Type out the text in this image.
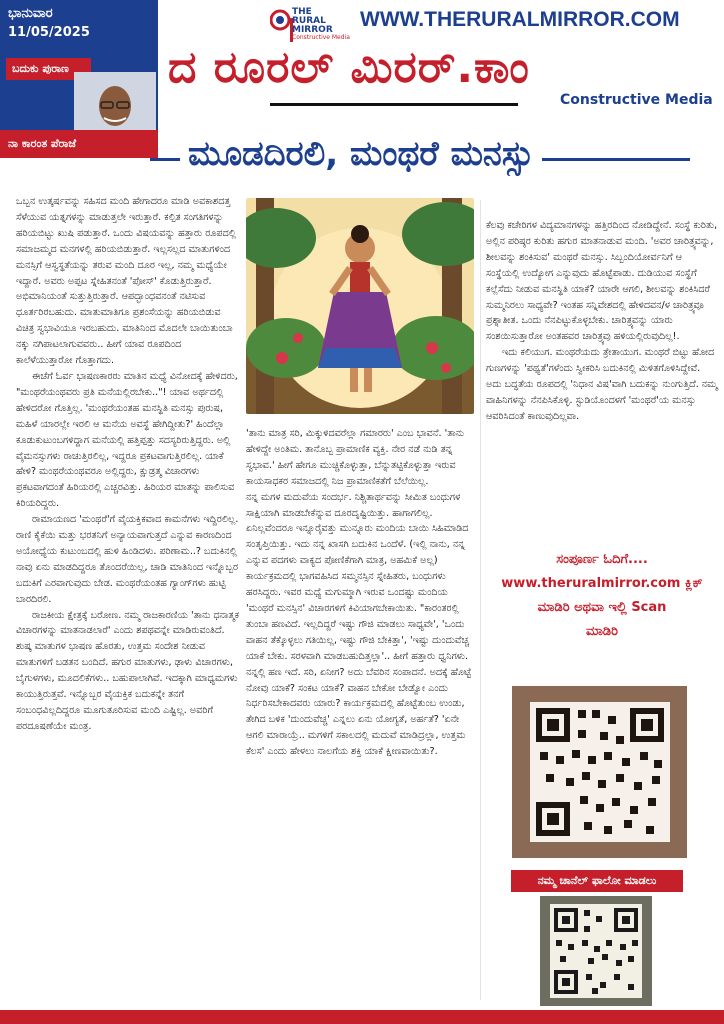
ಭಾನುವಾರ
11/05/2025
ಬದುಕು ಪುರಾಣ
ನಾ ಕಾರಂತ ಪೆರಾಜೆ
THE
RURAL
MIRROR
Constructive Media
WWW.THERURALMIRROR.COM
ದ ರೂರಲ್ ಮಿರರ್.ಕಾಂ
Constructive Media
ಮೂಡದಿರಲಿ, ಮಂಥರೆ ಮನಸ್ಸು

ಒಬ್ಬನ ಉತ್ಕರ್ಷವನ್ನು ಸಹಿಸದ ಮಂದಿ ಹೇಗಾದರೂ ಮಾಡಿ ಅವಕಾಶದತ್ತ ಸೆಳೆಯುವ ಯತ್ನಗಳನ್ನು ಮಾಡುತ್ತಲೇ ಇರುತ್ತಾರೆ. ಕಲ್ಪಿತ ಸಂಗತಿಗಳನ್ನು ಹರಿಯಬಿಟ್ಟು ಖುಷಿ ಪಡುತ್ತಾರೆ. ಒಂದು ವಿಷಯವನ್ನು ಹತ್ತಾರು ರೂಪದಲ್ಲಿ ಸಮಾಜಮ್ಮದ ಮನಗಳಲ್ಲಿ ಹರಿಯಬಿಡುತ್ತಾರೆ. ಇಲ್ಲಸಲ್ಲದ ಮಾತುಗಳಿಂದ ಮನಸ್ಸಿಗೆ ಆಸ್ವಸ್ಥತೆಯನ್ನು ತರುವ ಮಂದಿ ದೂರ ಇಲ್ಲ, ನಮ್ಮ ಮಧ್ಯೆಯೇ ಇದ್ದಾರೆ. ಅವರು ಅಪ್ಪಟ ಸ್ನೇಹಿತನಂತೆ 'ಪೋಸ್' ಕೊಡುತ್ತಿರುತ್ತಾರೆ. ಅಭಿಮಾನಿಯಂತೆ ಸುತ್ತುತ್ತಿರುತ್ತಾರೆ. ಆಪದ್ಭಾಂಧವನಂತೆ ನಟಿಸುವ ಧೂರ್ತರಿರಬಹುದು. ಮಾತುಮಾತಿಗೂ ಪ್ರಶಂಸೆಯನ್ನು ಹರಿಯಬಿಡುವ ವಿಚಿತ್ರ ಸ್ವಭಾವಿಯೂ ಇರಬಹುದು. ಮಾತಿನಿಂದ ಮೊದಲೇ ಬಾಯಿತುಂಬಾ ನಕ್ಕು ನಗಿಪಾಟಲಾಗುವವರು.. ಹೀಗೆ ಯಾವ ರೂಪದಿಂದ ಕಾಲೆಳೆಯುತ್ತಾರೋ ಗೊತ್ತಾಗದು.

ಈಚೆಗೆ ಓರ್ವ ಭಾಷಣಕಾರರು ಮಾತಿನ ಮಧ್ಯೆ ವಿನೋದಕ್ಕೆ ಹೇಳಿದರು, "ಮಂಥರೆಯಂಥವರು ಪ್ರತಿ ಮನೆಯಲ್ಲಿರಬೇಕು.."! ಯಾವ ಅರ್ಥದಲ್ಲಿ ಹೇಳಿದರೋ ಗೊತ್ತಿಲ್ಲ. 'ಮಂಥರೆಯಂತಹ ಮನಸ್ಥಿತಿ ಮನಸ್ಸು ಪುರುಷ, ಮಹಿಳೆ ಯಾರಲ್ಲೇ ಇರಲಿ ಆ ಮನೆಯ ಅವಸ್ಥೆ ಹೇಗಿದ್ದೀತು?' ಹಿಂದೆಲ್ಲಾ ಕೂಡುಕುಟುಂಬಗಳಿದ್ದಾಗ ಮನೆಯಲ್ಲಿ ಹತ್ತಿಪ್ಪತ್ತು ಸದಸ್ಯರಿರುತ್ತಿದ್ದರು. ಅಲ್ಲಿ ವೈಮನಸ್ಸುಗಳು ರಾಚುತ್ತಿರಲಿಲ್ಲ, ಇದ್ದರೂ ಪ್ರಕಟವಾಗುತ್ತಿರಲಿಲ್ಲ. ಯಾಕೆ ಹೇಳಿ? ಮಂಥರೆಯಂಥವರೂ ಅಲ್ಲಿದ್ದರು, ಕ್ಷುಡ್ರತ್ಮ ವಿಚಾರಗಳು ಪ್ರಕಟವಾಗದಂತೆ ಹಿರಿಯರಲ್ಲಿ ಎಚ್ಚರವಿತ್ತು. ಹಿರಿಯರ ಮಾತನ್ನು ಪಾಲಿಸುವ ಕಿರಿಯರಿದ್ದರು.

ರಾಮಾಯಣದ 'ಮಂಥರೆ'ಗೆ ವೈಯಕ್ತಿಕವಾದ ಕಾಮನೆಗಳು ಇದ್ದಿರಲಿಲ್ಲ. ರಾಣಿ ಕೈಕೆಯಿ ಮತ್ತು ಭರತನಿಗೆ ಅನ್ಯಾಯವಾಗುತ್ತದೆ ಎನ್ನುವ ಕಾರಣದಿಂದ ಅಯೋಧ್ಯೆಯ ಕುಟುಂಬದಲ್ಲಿ ಹುಳಿ ಹಿಂಡಿದಳು. ಪರಿಣಾಮ..? ಬದುಕಿನಲ್ಲಿ ನಾವು ಏನು ಮಾಡದಿದ್ದರೂ ತೊಂದರೆಯಿಲ್ಲ, ಚಾಡಿ ಮಾತಿನಿಂದ ಇನ್ನೊಬ್ಬರ ಬದುಕಿಗೆ ಎರವಾಗುವುದು ಬೇಡ. ಮಂಥರೆಯಂತಹ ಗ್ಯಾಂಗ್‌ಗಳು ಹುಟ್ಟಿ ಬಾರದಿರಲಿ.

ರಾಜಕೀಯ ಕ್ಷೇತ್ರಕ್ಕೆ ಬರೋಣ. ನಮ್ಮ ರಾಜಕಾರಣಿಯ 'ತಾನು ಧನಾತ್ಮಕ ವಿಚಾರಗಳನ್ನು ಮಾತನಾಡಲಾರೆ' ಎಂದು ಶಪಥವನ್ನೇ ಮಾಡಿರುವಂತಿದೆ. ಶುಷ್ಕ ಮಾತುಗಳ ಭಾಷಣ ಹೊರತು, ಉತ್ತಮ ಸಂದೇಶ ನೀಡುವ ಮಾತುಗಳಿಗೆ ಬಡತನ ಬಂದಿದೆ. ಹಗುರ ಮಾತುಗಳು, ಢಾಳು ವಿಚಾರಗಳು, ಬೈಗುಳಗಳು, ಮೂದಲಿಕೆಗಳು.. ಬಹುಪಾಲಾಗಿವೆ. ಇದಕ್ಕಾಗಿ ಮಾಧ್ಯಮಗಳು ಕಾಯುತ್ತಿರುತ್ತವೆ. ಇನ್ನೊಬ್ಬರ ವೈಯಕ್ತಿಕ ಬದುಕನ್ನೇ ತನಗೆ ಸಂಬಂಧವಿಲ್ಲದಿದ್ದರೂ ಮೂಗುತೂರಿಸುವ ಮಂದಿ ಎಷ್ಟಿಲ್ಲ. ಅವರಿಗೆ ಪರದೂಷಣೆಯೇ ಮಂತ್ರ.

'ತಾನು ಮಾತ್ರ ಸರಿ, ಮಿಕ್ಕುಳಿದವರೆಲ್ಲಾ ಗಮಾರರು' ಎಂಬ ಭಾವನೆ. 'ತಾನು ಹೇಳಿದ್ದೇ ಅಂತಿಮ. ತಾನೊಬ್ಬ ಪ್ರಾಮಾಣಿಕ ವ್ಯಕ್ತಿ. ನೇರ ನಡೆ ನುಡಿ ತನ್ನ ಸ್ವಭಾವ.' ಹೀಗೆ ಹೇಗೂ ಮುಚ್ಚಿಕೊಳ್ಳುತ್ತಾ, ಬೆನ್ನುತಟ್ಟಿಕೊಳ್ಳುತ್ತಾ ಇರುವ ಕಾಯಸಾಧಕರ ಸಮಾಜದಲ್ಲಿ ನಿಜ ಪ್ರಾಮಾಣಿಕತೆಗೆ ಬೆಲೆಯಿಲ್ಲ.

ನನ್ನ ಮಗಳ ಮದುವೆಯ ಸಂದರ್ಭ. ನಿಶ್ಚಿತಾರ್ಥವನ್ನು ಸೀಮಿತ ಬಂಧುಗಳ ಸಾಕ್ಷಿಯಾಗಿ ಮಾಡಬೇಕೆನ್ನುವ ದೂರದೃಷ್ಟಿಯಿತ್ತು. ಹಾಗಾಗಲಿಲ್ಲ. ಏನಿಲ್ಲವೆಂದರೂ ಇನ್ನೂರೈವತ್ತು ಮುನ್ನೂರು ಮಂದಿಯ ಬಾಯಿ ಸಿಹಿಮಾಡಿದ ಸಂತೃಪ್ತಿಯಿತ್ತು. ಇದು ನನ್ನ ಖಾಸಗಿ ಬದುಕಿನ ಒಂದೆಳೆ. (ಇಲ್ಲಿ ನಾನು, ನನ್ನ ಎನ್ನುವ ಪದಗಳು ವಾಕ್ಯದ ಪೋಣಿಕೆಗಾಗಿ ಮಾತ್ರ, ಅಹಮಿಕೆ ಅಲ್ಲ) ಕಾರ್ಯಕ್ರಮದಲ್ಲಿ ಭಾಗವಹಿಸಿದ ಸಮ್ಮನಸ್ಸಿನ ಸ್ನೇಹಿತರು, ಬಂಧುಗಳು ಹರಸಿದ್ದರು. ಇವರ ಮಧ್ಯೆ ಮಗುಮ್ಮಾಗಿ ಇರುವ ಒಂದಷ್ಟು ಮಂದಿಯ 'ಮಂಥರೆ ಮನಸ್ಸಿನ' ವಿಚಾರಗಳಿಗೆ ಕಿವಿಯಾಗಬೇಕಾಯಿತು. "ಕಾರಂತರಲ್ಲಿ ತುಂಬಾ ಹಣವಿದೆ. ಇಲ್ಲದಿದ್ದರೆ ಇಷ್ಟು ಗೌಜಿ ಮಾಡಲು ಸಾಧ್ಯವೇ', 'ಒಂದು ವಾಹನ ತೆಕ್ಕೊಳ್ಳಲು ಗತಿಯಿಲ್ಲ, ಇಷ್ಟು ಗೌಜಿ ಬೇಕಿತ್ತಾ', 'ಇಷ್ಟು ದುಂದುವೆಚ್ಚ ಯಾಕೆ ಬೇಕು. ಸರಳವಾಗಿ ಮಾಡಬಹುದಿತ್ತಲ್ಲಾ'.. ಹೀಗೆ ಹತ್ತಾರು ಧ್ವನಿಗಳು. ನನ್ನಲ್ಲಿ ಹಣ ಇದೆ. ಸರಿ, ಏನೀಗ? ಅದು ಬೆವರಿನ ಸಂಪಾದನೆ. ಅದಕ್ಕೆ ಹೊಟ್ಟೆ ನೋವು ಯಾಕೆ? ಸಂಕಟ ಯಾಕೆ? ವಾಹನ ಬೇಕೋ ಬೇಡ್ವೋ ಎಂದು ನಿರ್ಧರಿಸಬೇಕಾದವರು ಯಾರು? ಕಾರ್ಯಕ್ರಮದಲ್ಲಿ ಹೊಟ್ಟೆತುಂಬ ಉಂಡು, ತೇಗಿದ ಬಳಿಕ 'ದುಂದುವೆಚ್ಚ' ಎನ್ನಲು ಏನು ಯೋಗ್ಯತೆ, ಅರ್ಹತೆ? 'ಏನೇ ಆಗಲಿ ಮಾರಾಯ್ರೆ.. ಮಗಳಿಗೆ ಸಕಾಲದಲ್ಲಿ ಮದುವೆ ಮಾಡಿದ್ರಲ್ಲಾ, ಉತ್ತಮ ಕೆಲಸ' ಎಂದು ಹೇಳಲು ನಾಲಗೆಯ ಶಕ್ತಿ ಯಾಕೆ ಕ್ಷೀಣವಾಯಿತು?.

ಕೆಲವು ಕಚೇರಿಗಳ ವಿದ್ಯಮಾನಗಳನ್ನು ಹತ್ತಿರದಿಂದ ನೋಡಿದ್ದೇನೆ. ಸಂಸ್ಥೆ ಕುರಿತು, ಅಲ್ಲಿನ ಪರಿಷ್ಠರ ಕುರಿತು ಹಗುರ ಮಾತನಾಡುವ ಮಂದಿ. 'ಅವರ ಚಾರಿತ್ರ್ಯವನ್ನು, ಶೀಲವನ್ನು ಶಂಕಿಸುವ' ಮಂಥರೆ ಮನಸ್ಸು. ಸಿಬ್ಬಂದಿಯೋರ್ವನಿಗೆ ಆ ಸಂಸ್ಥೆಯಲ್ಲಿ ಉದ್ಯೋಗ ಎನ್ನುವುದು ಹೊಟ್ಟೆಪಾಡು. ದುಡಿಯುವ ಸಂಸ್ಥೆಗೆ ಕಲ್ಲೆಸೆದು ನೀಡುವ ಮನಸ್ಥಿತಿ ಯಾಕೆ? ಯಾರೇ ಆಗಲಿ, ಶೀಲವನ್ನು ಶಂಕಿಸಿದರೆ ಸುಮ್ಮನಿರಲು ಸಾಧ್ಯವೇ? ಇಂತಹ ಸನ್ನಿವೇಶದಲ್ಲಿ ಹೇಳಿದವನ/ಳ ಚಾರಿತ್ರ್ಯವೂ ಪ್ರಶ್ನಾತೀತ. ಒಂದು ನೆನಪಿಟ್ಟುಕೊಳ್ಳಬೇಕು. ಚಾರಿತ್ರ್ಯವನ್ನು ಯಾರು ಸಂಶಯಿಸುತ್ತಾರೋ ಅಂತಹವರ ಚಾರಿತ್ರ್ಯವು ಹಳಿಯಲ್ಲಿರುವುದಿಲ್ಲ!.

ಇದು ಕಲಿಯುಗ. ಮಂಥರೆಯದು ತ್ರೇತಾಯುಗ. ಮಂಥರೆ ಬಿಟ್ಟು ಹೋದ ಗುಣಗಳನ್ನು 'ಪಥ್ಯತೆ'ಗಳೆಂದು ಸ್ವೀಕರಿಸಿ ಬದುಕಿನಲ್ಲಿ ಮಿಳಿತಗೊಳಿಸಿದ್ದೇವೆ. ಅದು ಬದ್ಧತೆಯ ರೂಪದಲ್ಲಿ 'ನಿಧಾನ ವಿಷ'ವಾಗಿ ಬದುಕನ್ನು ನುಂಗುತ್ತಿದೆ. ನಮ್ಮ ವಾಹಿನಿಗಳನ್ನು ನೆನಪಿಸಿಕೊಳ್ಳಿ. ಸ್ಟುಡಿಯೊಂದಳಗೆ 'ಮಂಥರೆ'ಯ ಮನಸ್ಸು ಆವರಿಸಿದಂತೆ ಕಾಣುವುದಿಲ್ಲವಾ.

ಸಂಪೂರ್ಣ ಓದಿಗೆ....
www.theruralmirror.com ಕ್ಲಿಕ್
ಮಾಡಿರಿ ಅಥವಾ ಇಲ್ಲಿ Scan
ಮಾಡಿರಿ
ನಮ್ಮ ಚಾನೆಲ್ ಫಾಲೋ ಮಾಡಲು
